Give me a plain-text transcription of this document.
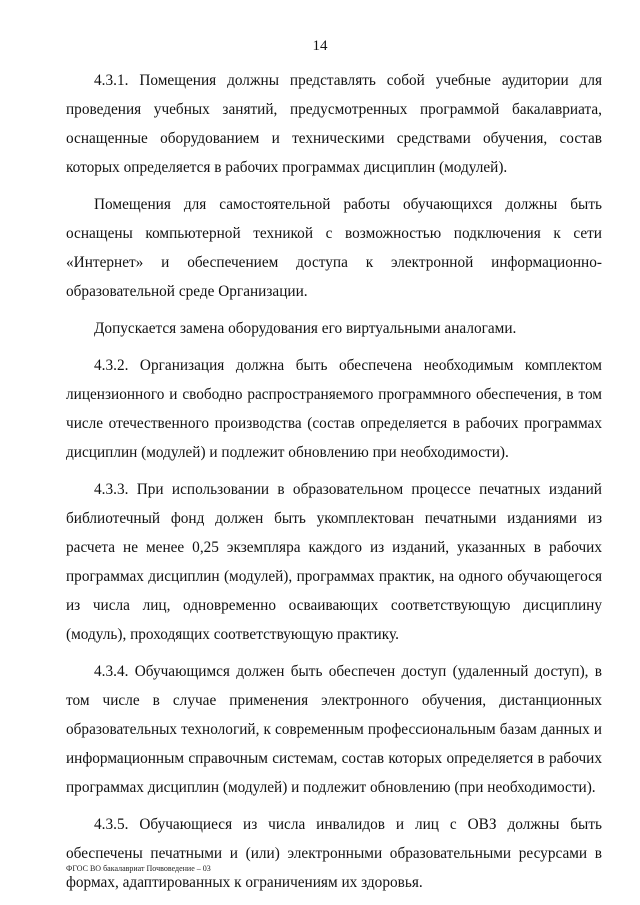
14

4.3.1. Помещения должны представлять собой учебные аудитории для проведения учебных занятий, предусмотренных программой бакалавриата, оснащенные оборудованием и техническими средствами обучения, состав которых определяется в рабочих программах дисциплин (модулей).

Помещения для самостоятельной работы обучающихся должны быть оснащены компьютерной техникой с возможностью подключения к сети «Интернет» и обеспечением доступа к электронной информационно-образовательной среде Организации.

Допускается замена оборудования его виртуальными аналогами.

4.3.2. Организация должна быть обеспечена необходимым комплектом лицензионного и свободно распространяемого программного обеспечения, в том числе отечественного производства (состав определяется в рабочих программах дисциплин (модулей) и подлежит обновлению при необходимости).

4.3.3. При использовании в образовательном процессе печатных изданий библиотечный фонд должен быть укомплектован печатными изданиями из расчета не менее 0,25 экземпляра каждого из изданий, указанных в рабочих программах дисциплин (модулей), программах практик, на одного обучающегося из числа лиц, одновременно осваивающих соответствующую дисциплину (модуль), проходящих соответствующую практику.

4.3.4. Обучающимся должен быть обеспечен доступ (удаленный доступ), в том числе в случае применения электронного обучения, дистанционных образовательных технологий, к современным профессиональным базам данных и информационным справочным системам, состав которых определяется в рабочих программах дисциплин (модулей) и подлежит обновлению (при необходимости).

4.3.5. Обучающиеся из числа инвалидов и лиц с ОВЗ должны быть обеспечены печатными и (или) электронными образовательными ресурсами в формах, адаптированных к ограничениям их здоровья.

ФГОС ВО бакалавриат Почвоведение – 03
